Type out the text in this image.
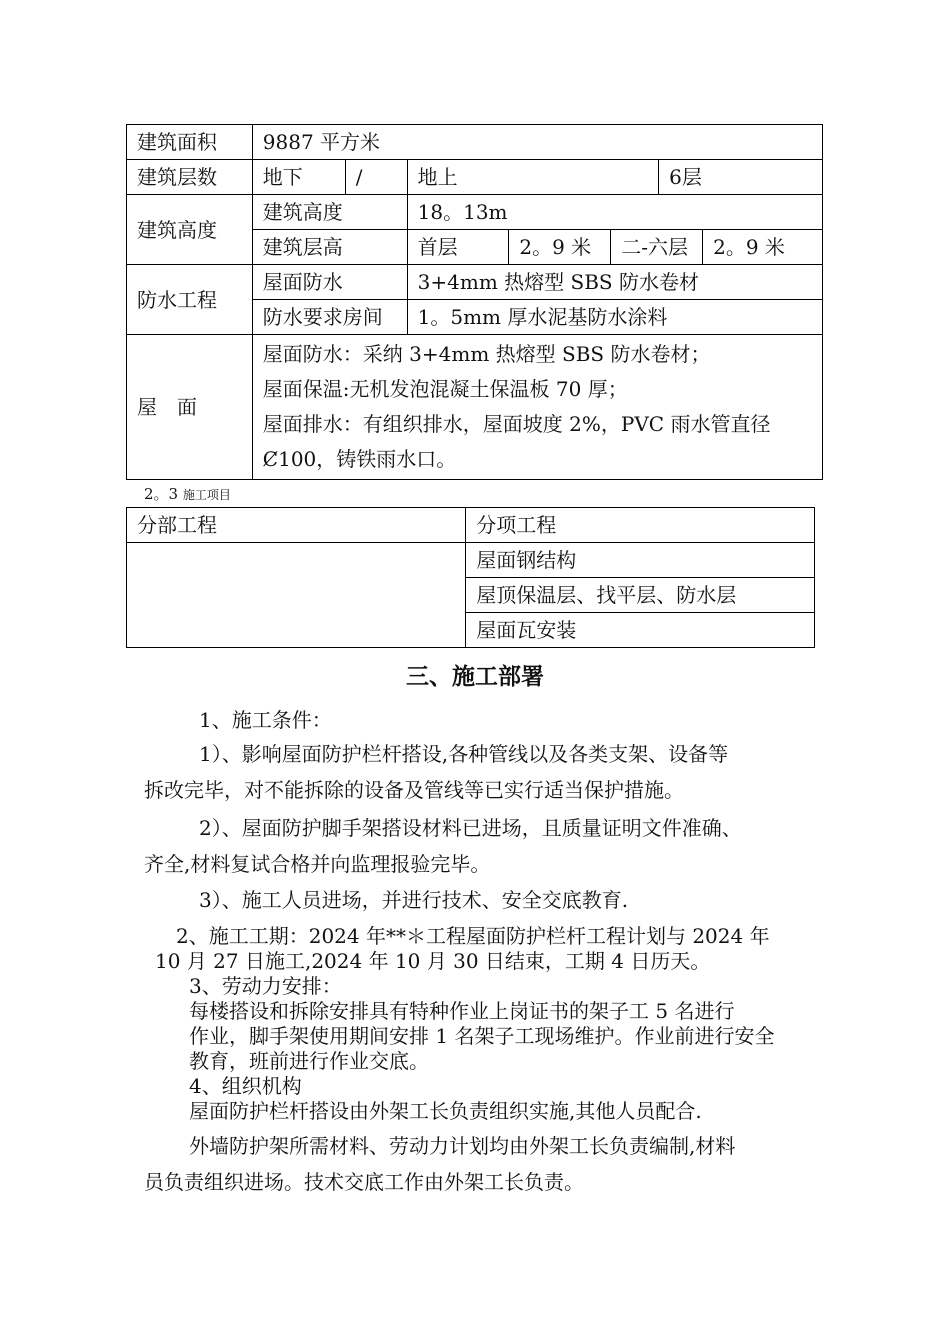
建筑面积	9887 平方米						
建筑层数	地下	/	地上			6层	
建筑高度	建筑高度		18。13m				
	建筑层高		首层	2。9 米	二-六层		2。9 米
防水工程	屋面防水		3+4mm 热熔型 SBS 防水卷材				
	防水要求房间		1。5mm 厚水泥基防水涂料				
屋　面	屋面防水：采纳 3+4mm 热熔型 SBS 防水卷材；
屋面保温:无机发泡混凝土保温板 70 厚；
屋面排水：有组织排水，屋面坡度 2%，PVC 雨水管直径Ȼ100，铸铁雨水口。						
2。3 施工项目
分部工程	分项工程
	屋面钢结构
	屋顶保温层、找平层、防水层
	屋面瓦安装
三、施工部署
1、施工条件：
1）、影响屋面防护栏杆搭设,各种管线以及各类支架、设备等
拆改完毕，对不能拆除的设备及管线等已实行适当保护措施。
2）、屋面防护脚手架搭设材料已进场，且质量证明文件准确、
齐全,材料复试合格并向监理报验完毕。
3）、施工人员进场，并进行技术、安全交底教育.
2、施工工期：2024 年**＊工程屋面防护栏杆工程计划与 2024 年
10 月 27 日施工,2024 年 10 月 30 日结束，工期 4 日历天。
3、劳动力安排：
每楼搭设和拆除安排具有特种作业上岗证书的架子工 5 名进行
作业，脚手架使用期间安排 1 名架子工现场维护。作业前进行安全
教育，班前进行作业交底。
4、组织机构
屋面防护栏杆搭设由外架工长负责组织实施,其他人员配合.
外墙防护架所需材料、劳动力计划均由外架工长负责编制,材料
员负责组织进场。技术交底工作由外架工长负责。
